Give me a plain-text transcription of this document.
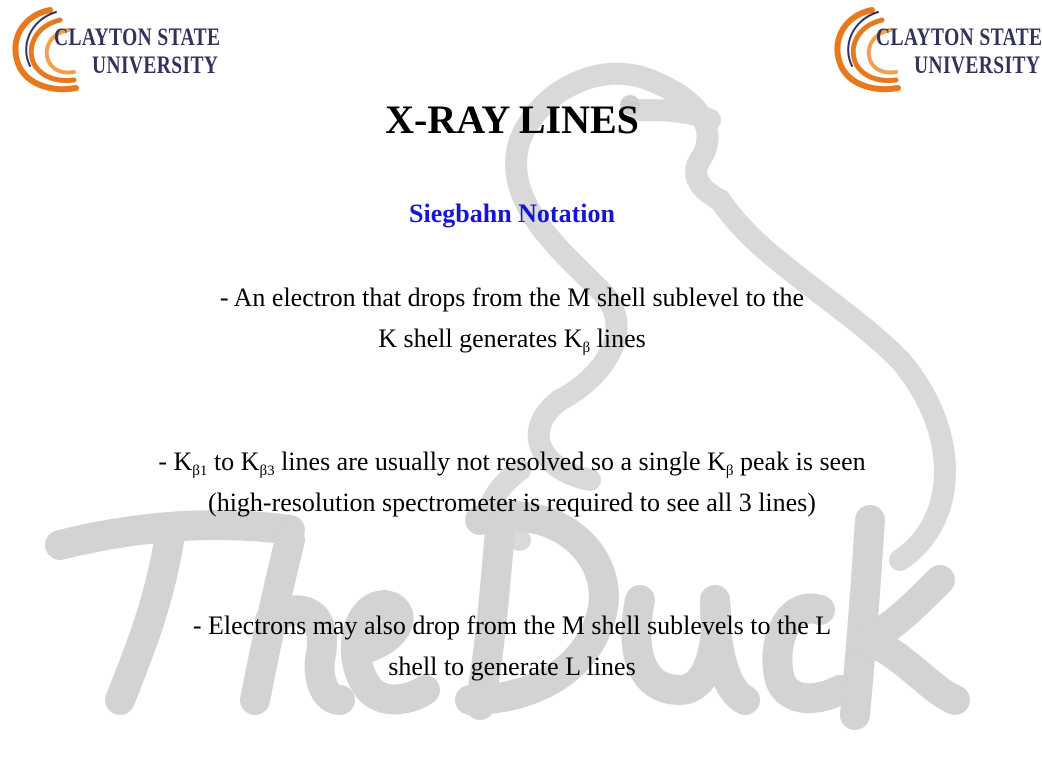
CLAYTON STATE
UNIVERSITY
CLAYTON STATE
UNIVERSITY
X-RAY LINES
Siegbahn Notation
- An electron that drops from the M shell sublevel to the
K shell generates $K_\beta$ lines
- $K_{\beta 1}$ to $K_{\beta 3}$ lines are usually not resolved so a single $K_\beta$ peak is seen
(high-resolution spectrometer is required to see all 3 lines)
- Electrons may also drop from the M shell sublevels to the L
shell to generate L lines
